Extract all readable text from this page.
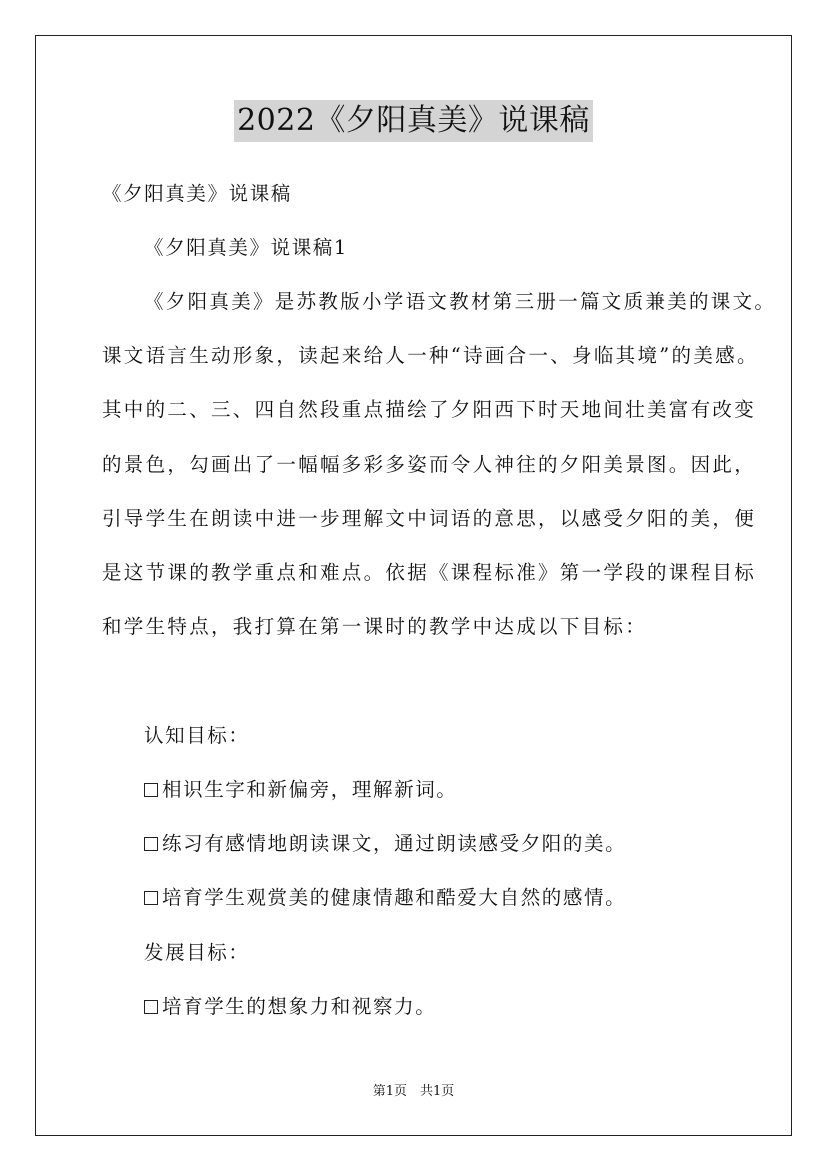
2022《夕阳真美》说课稿
《夕阳真美》说课稿
《夕阳真美》说课稿1
《夕阳真美》是苏教版小学语文教材第三册一篇文质兼美的课文。
课文语言生动形象，读起来给人一种“诗画合一、身临其境”的美感。
其中的二、三、四自然段重点描绘了夕阳西下时天地间壮美富有改变
的景色，勾画出了一幅幅多彩多姿而令人神往的夕阳美景图。因此，
引导学生在朗读中进一步理解文中词语的意思，以感受夕阳的美，便
是这节课的教学重点和难点。依据《课程标准》第一学段的课程目标
和学生特点，我打算在第一课时的教学中达成以下目标：
认知目标：
相识生字和新偏旁，理解新词。
练习有感情地朗读课文，通过朗读感受夕阳的美。
培育学生观赏美的健康情趣和酷爱大自然的感情。
发展目标：
培育学生的想象力和视察力。
第1页　共1页
